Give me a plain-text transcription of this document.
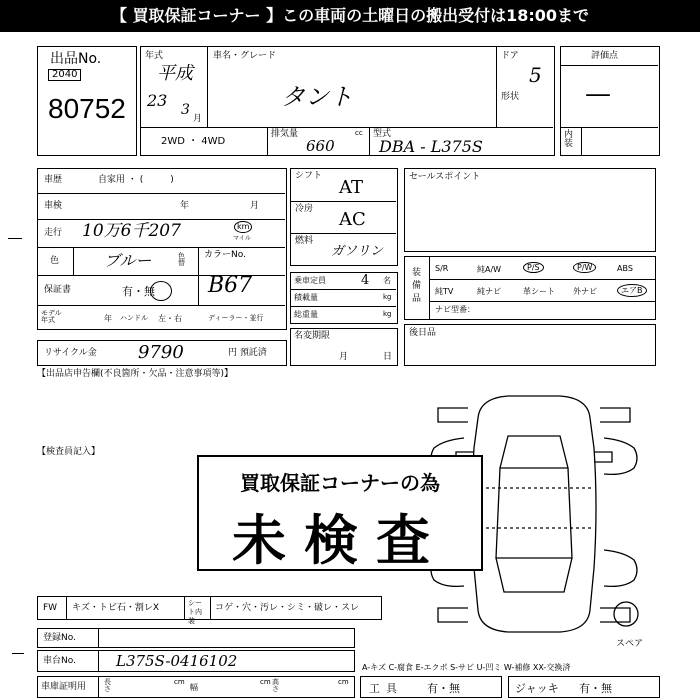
【 買取保証コーナー 】この車両の土曜日の搬出受付は18:00まで
出品No.
2040
80752
年式
平成
23 3
月
車名・グレード
タント
ドア
5
形状
2WD ・ 4WD
排気量	cc
660
型式
DBA - L375S
評価点
—
内装
車歴	自家用 ・ (　　　)
車検	年	月
走行 10万6千207	km
マイル
色	ブルー	色替
カラーNo.
B67
保証書	有・無
モデル年式	年 ハンドル 左・右	ディーラー・並行
リサイクル金 9790	円 預託済
シフト
AT
冷房 AC
燃料
ガソリン
乗車定員	4 名
積載量	kg
総重量	kg
名変期限
月	日
セールスポイント
装備品
ナビ型番：
S/R	純A/W	P/S	P/W	ABS
純TV	純ナビ	革シート 外ナビ	エアB
後日品
【出品店申告欄(不良箇所・欠品・注意事項等)】
【検査員記入】
スペア
買取保証コーナーの為
未検査
FW キズ・トビ石・割レX	シート内装
コゲ・穴・汚レ・シミ・破レ・スレ
登録No.
車台No.	L375S-0416102
車庫証明用	長さ
cm
幅
cm 高さ
cm
A-キズ C-腐食 E-エクボ S-サビ U-凹ミ W-補修 XX-交換済
工具 有・無	ジャッキ 有・無
